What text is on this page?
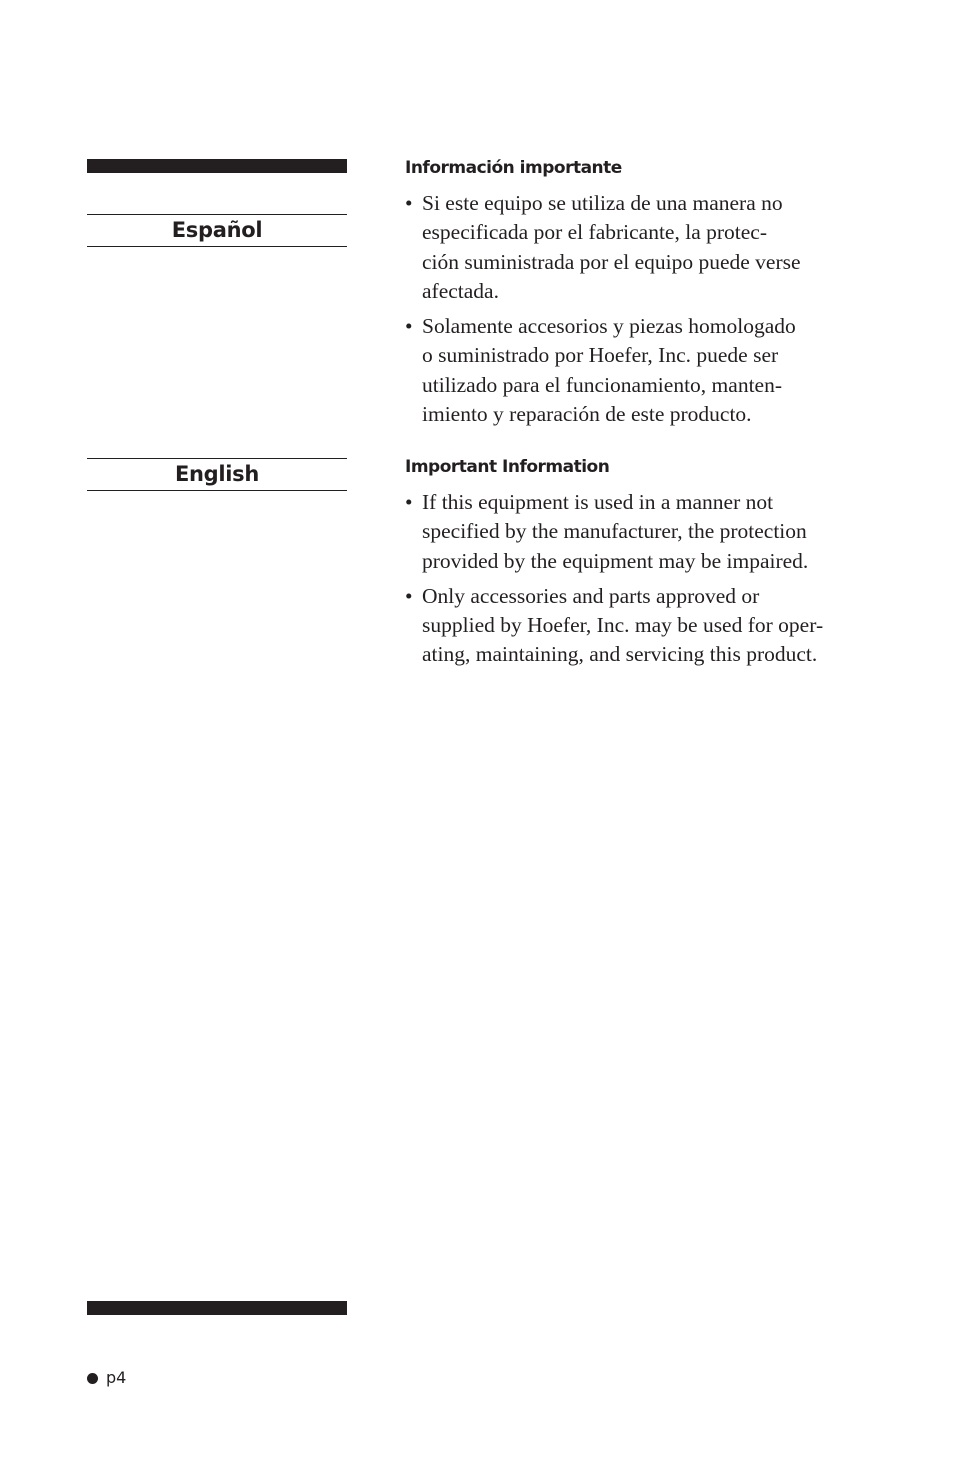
Español
English
Información importante
• Si este equipo se utiliza de una manera no
especificada por el fabricante, la protec-
ción suministrada por el equipo puede verse
afectada.
• Solamente accesorios y piezas homologado
o suministrado por Hoefer, Inc. puede ser
utilizado para el funcionamiento, manten-
imiento y reparación de este producto.
Important Information
• If this equipment is used in a manner not
specified by the manufacturer, the protection
provided by the equipment may be impaired.
• Only accessories and parts approved or
supplied by Hoefer, Inc. may be used for oper-
ating, maintaining, and servicing this product.
p4
